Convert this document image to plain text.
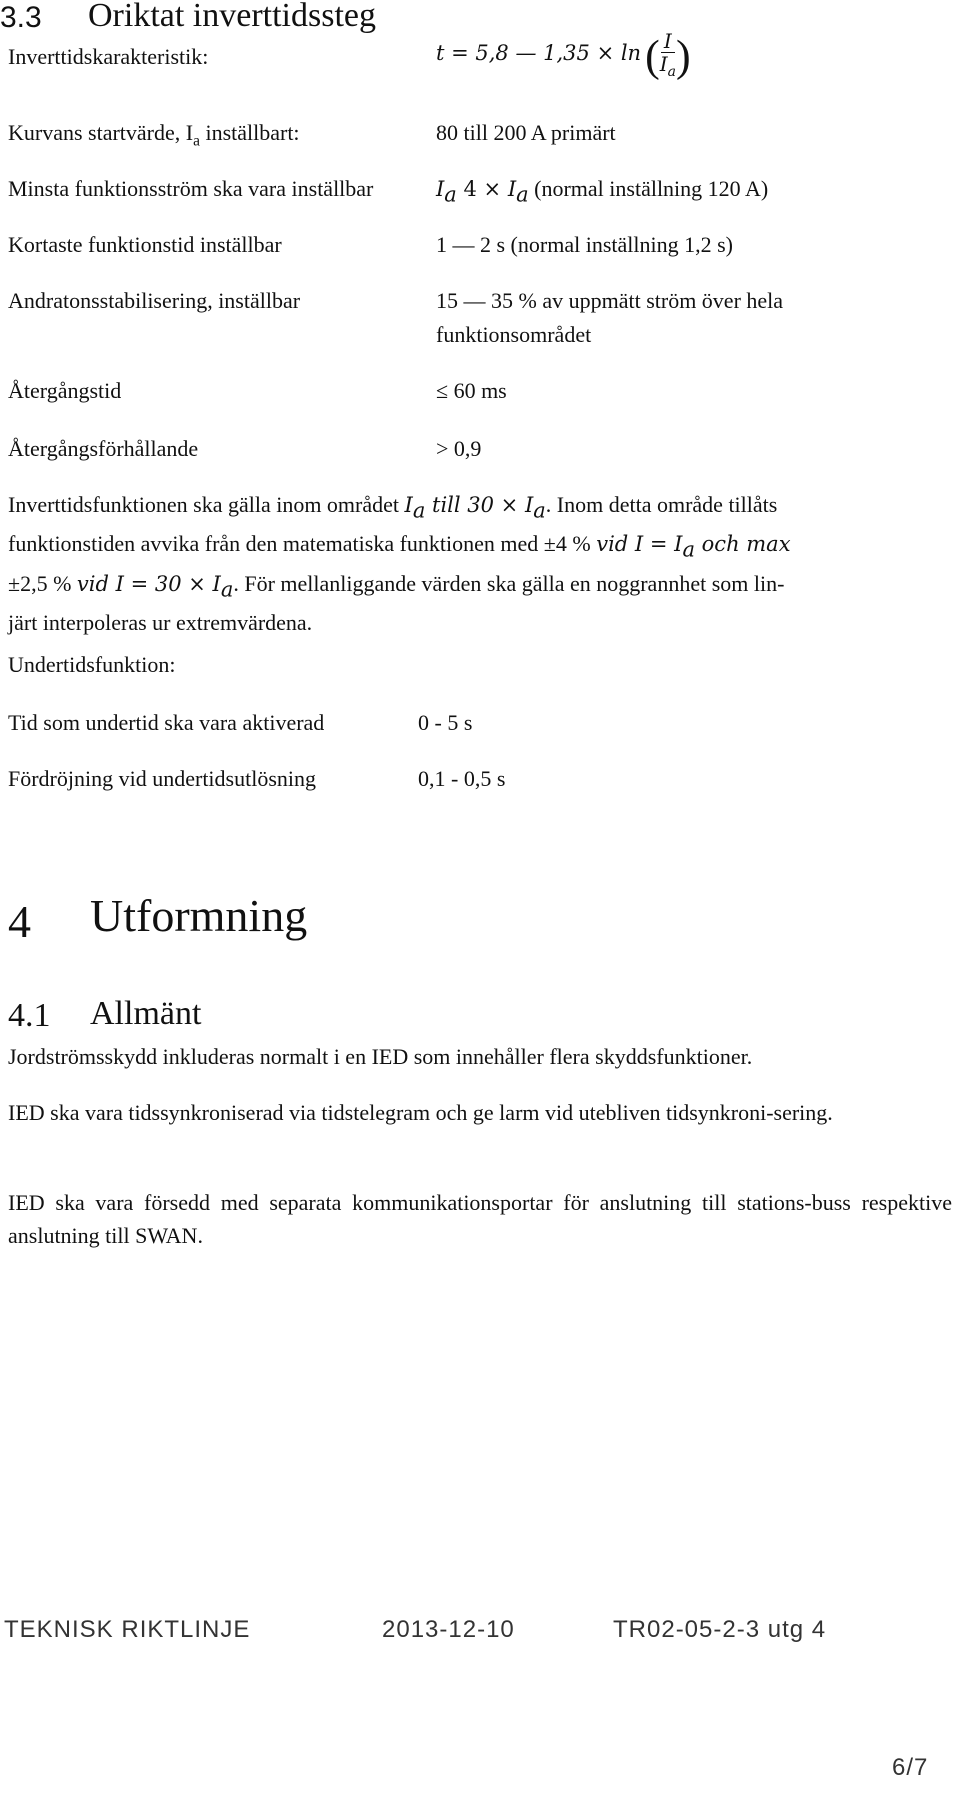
3.3 Oriktat inverttidssteg
Inverttidskarakteristik:	t = 5,8 — 1,35 × ln ( $\frac{I}{I_a}$ )
Kurvans startvärde, $I_a$ inställbart:	80 till 200 A primärt
Minsta funktionsström ska vara inställbar	$I_a$ $4 \times I_a$ (normal inställning 120 A)
Kortaste funktionstid inställbar	1 — 2 s (normal inställning 1,2 s)
Andratonsstabilisering, inställbar	15 — 35 % av uppmätt ström över hela
funktionsområdet
Återgångstid	≤ 60 ms
Återgångsförhållande	> 0,9
Inverttidsfunktionen ska gälla inom området $I_a$ till $30 \times I_a$. Inom detta område tillåts
funktionstiden avvika från den matematiska funktionen med ±4 % vid $I = I_a$ och max
±2,5 % vid $I = 30 \times I_a$. För mellanliggande värden ska gälla en noggrannhet som lin-
järt interpoleras ur extremvärdena.
Undertidsfunktion:
Tid som undertid ska vara aktiverad	0 - 5 s
Fördröjning vid undertidsutlösning	0,1 - 0,5 s
4 Utformning
4.1 Allmänt
Jordströmsskydd inkluderas normalt i en IED som innehåller flera skyddsfunktioner.
IED ska vara tidssynkroniserad via tidstelegram och ge larm vid utebliven tidsynkroni-sering.
IED ska vara försedd med separata kommunikationsportar för anslutning till stations-buss respektive anslutning till SWAN.
TEKNISK RIKTLINJE	2013-12-10	TR02-05-2-3 utg 4
6/7
